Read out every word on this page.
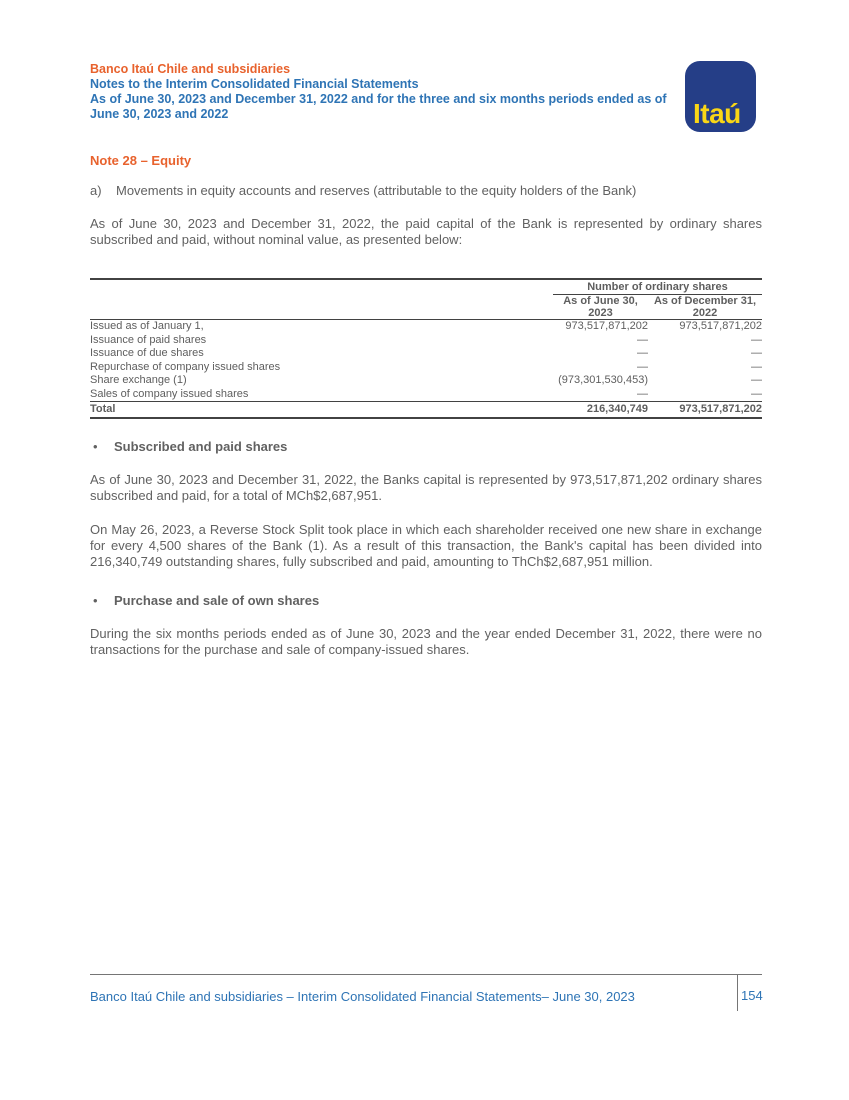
Banco Itaú Chile and subsidiaries
Notes to the Interim Consolidated Financial Statements
As of June 30, 2023 and December 31, 2022 and for the three and six months periods ended as of
June 30, 2023 and 2022
Note 28 – Equity
a) Movements in equity accounts and reserves (attributable to the equity holders of the Bank)

As of June 30, 2023 and December 31, 2022, the paid capital of the Bank is represented by ordinary shares subscribed and paid, without nominal value, as presented below:

	Number of ordinary shares	

As of June 30,
2023

As of December 31,
2022

Issued as of January 1,	973,517,871,202	973,517,871,202
Issuance of paid shares	—	—
Issuance of due shares	—	—
Repurchase of company issued shares	—	—
Share exchange (1)	(973,301,530,453)	—
Sales of company issued shares	—	—
Total	216,340,749	973,517,871,202
•	Subscribed and paid shares

As of June 30, 2023 and December 31, 2022, the Banks capital is represented by 973,517,871,202 ordinary shares subscribed and paid, for a total of MCh$2,687,951.

On May 26, 2023, a Reverse Stock Split took place in which each shareholder received one new share in exchange for every 4,500 shares of the Bank (1). As a result of this transaction, the Bank's capital has been divided into 216,340,749 outstanding shares, fully subscribed and paid, amounting to ThCh$2,687,951 million.

•	Purchase and sale of own shares

During the six months periods ended as of June 30, 2023 and the year ended December 31, 2022, there were no transactions for the purchase and sale of company-issued shares.

Itaú
Banco Itaú Chile and subsidiaries – Interim Consolidated Financial Statements– June 30, 2023	154
